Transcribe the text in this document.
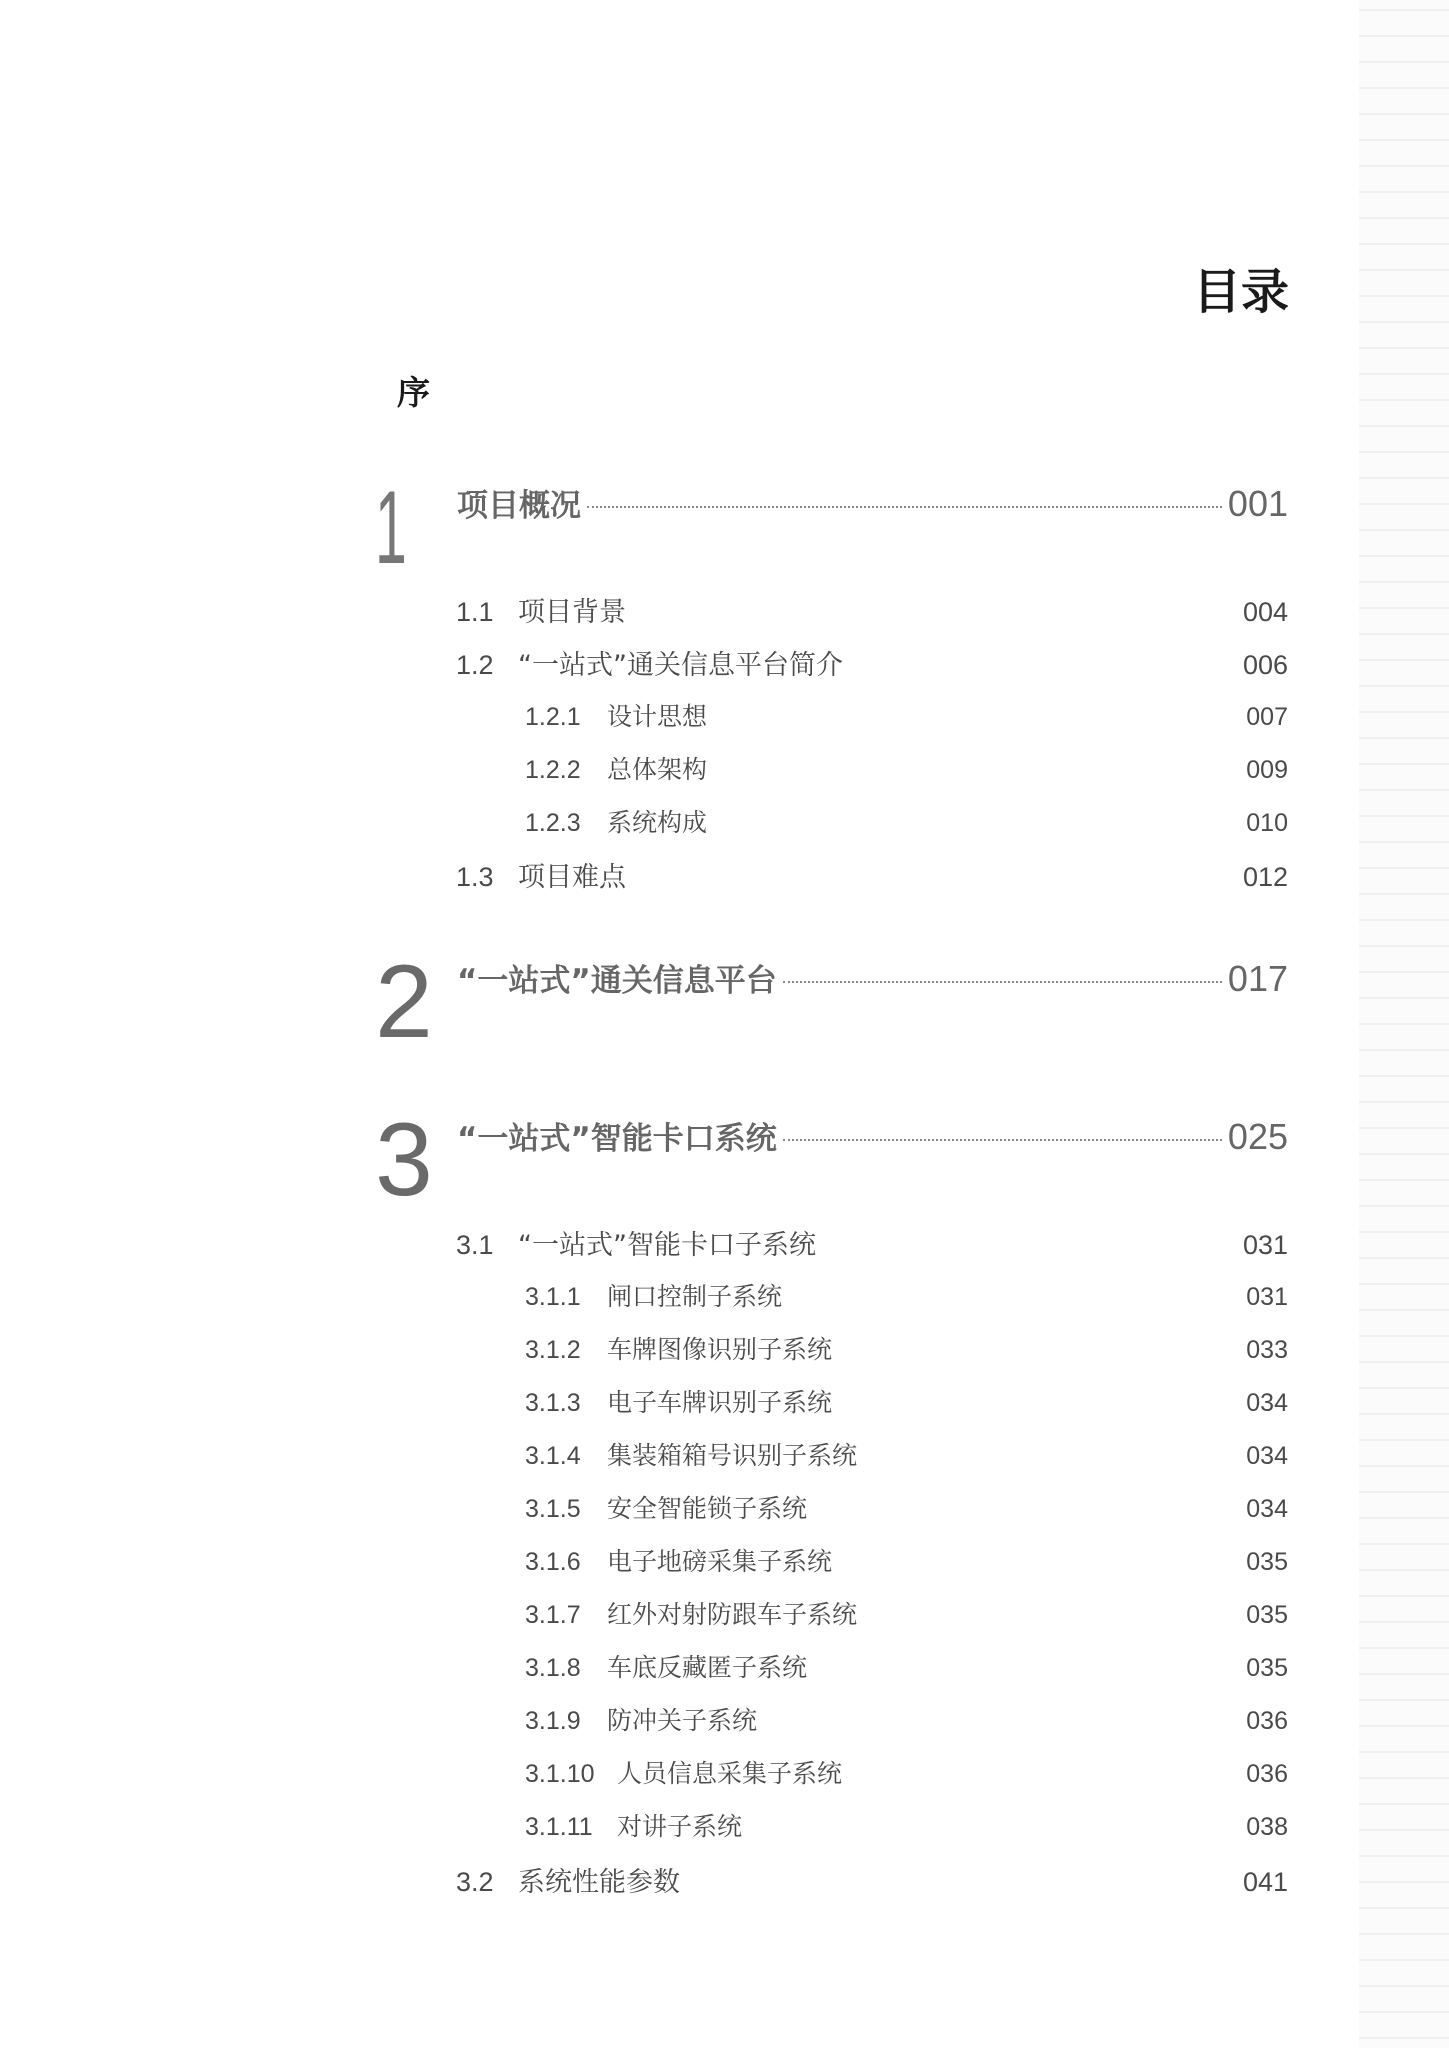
目录
序
1 项目概况	001
1.1 项目背景	004
1.2 “一站式”通关信息平台简介	006
1.2.1	设计思想	007
1.2.2	总体架构	009
1.2.3	系统构成	010
1.3 项目难点	012
2 “一站式”通关信息平台	017
3 “一站式”智能卡口系统	025
3.1 “一站式”智能卡口子系统	031
3.1.1	闸口控制子系统	031
3.1.2	车牌图像识别子系统	033
3.1.3	电子车牌识别子系统	034
3.1.4	集装箱箱号识别子系统	034
3.1.5	安全智能锁子系统	034
3.1.6	电子地磅采集子系统	035
3.1.7	红外对射防跟车子系统	035
3.1.8	车底反藏匿子系统	035
3.1.9	防冲关子系统	036
3.1.10 人员信息采集子系统	036
3.1.11 对讲子系统	038
3.2 系统性能参数	041
